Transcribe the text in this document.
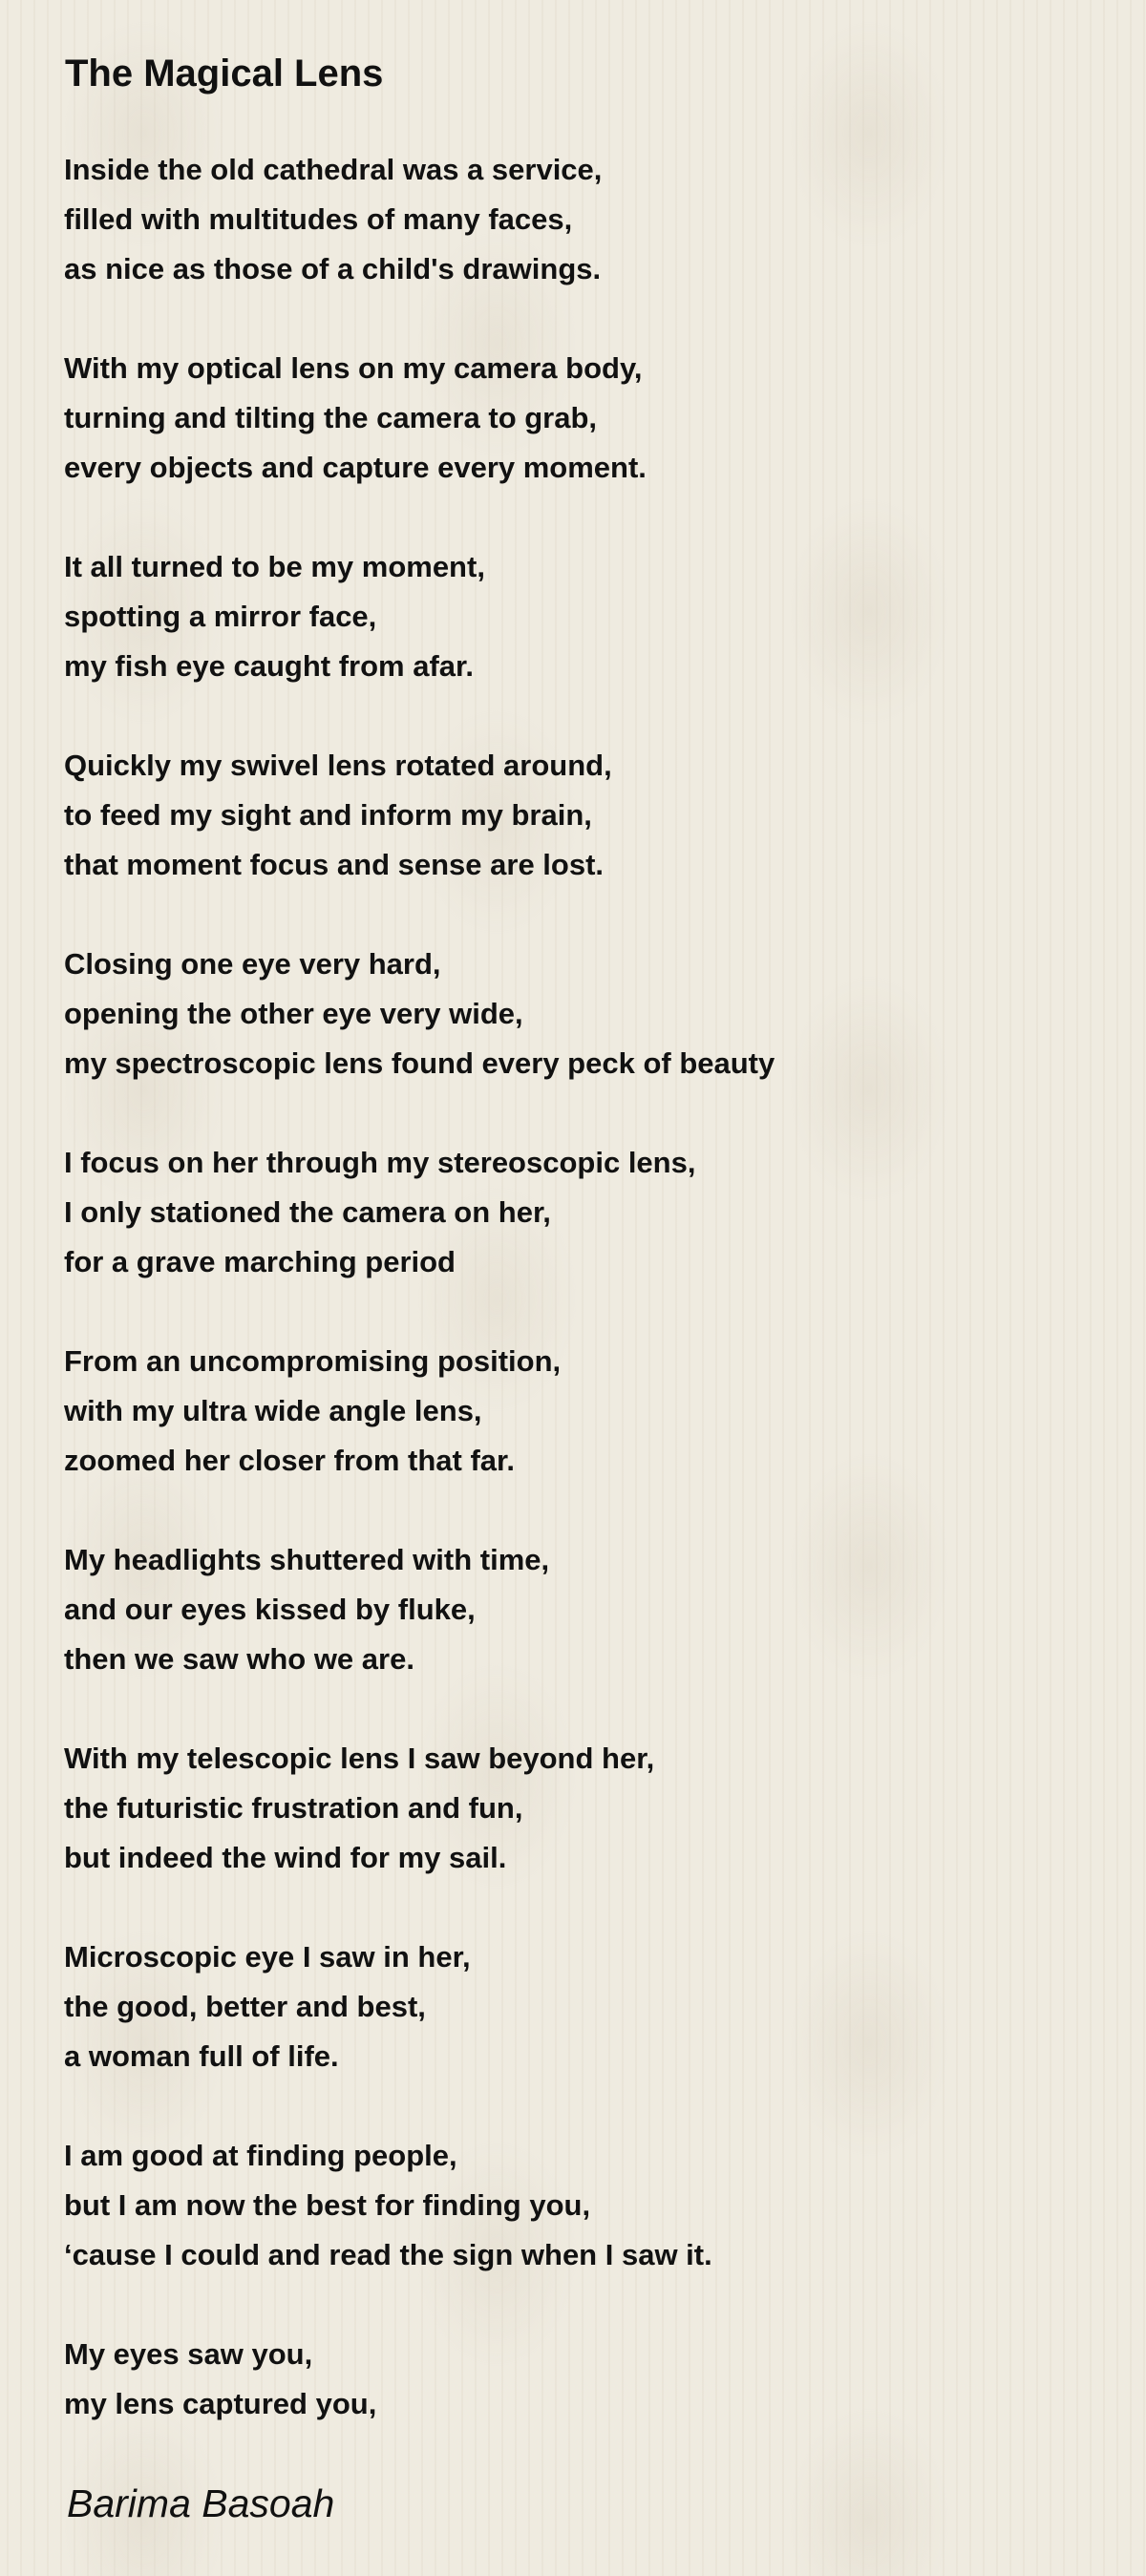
The Magical Lens
Inside the old cathedral was a service,
filled with multitudes of many faces,
as nice as those of a child's drawings.
With my optical lens on my camera body,
turning and tilting the camera to grab,
every objects and capture every moment.
It all turned to be my moment,
spotting a mirror face,
my fish eye caught from afar.
Quickly my swivel lens rotated around,
to feed my sight and inform my brain,
that moment focus and sense are lost.
Closing one eye very hard,
opening the other eye very wide,
my spectroscopic lens found every peck of beauty
I focus on her through my stereoscopic lens,
I only stationed the camera on her,
for a grave marching period
From an uncompromising position,
with my ultra wide angle lens,
zoomed her closer from that far.
My headlights shuttered with time,
and our eyes kissed by fluke,
then we saw who we are.
With my telescopic lens I saw beyond her,
the futuristic frustration and fun,
but indeed the wind for my sail.
Microscopic eye I saw in her,
the good, better and best,
a woman full of life.
I am good at finding people,
but I am now the best for finding you,
‘cause I could and read the sign when I saw it.
My eyes saw you,
my lens captured you,
Barima Basoah
